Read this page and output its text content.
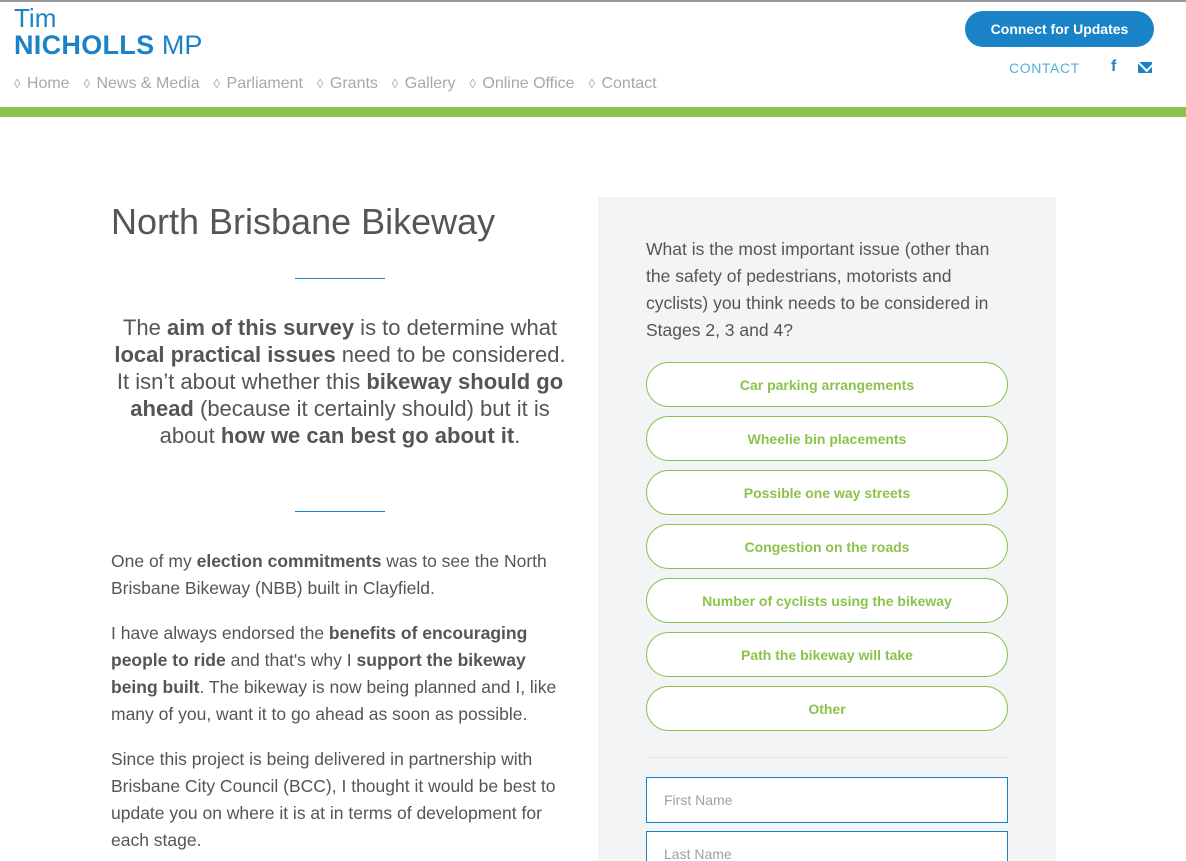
Tim
NICHOLLS MP
◊ Home ◊ News & Media ◊ Parliament ◊ Grants ◊ Gallery ◊ Online Office ◊ Contact
Connect for Updates
CONTACT f
North Brisbane Bikeway

The aim of this survey is to determine what local practical issues need to be considered. It isn’t about whether this bikeway should go ahead (because it certainly should) but it is about how we can best go about it.

One of my election commitments was to see the North Brisbane Bikeway (NBB) built in Clayfield.

I have always endorsed the benefits of encouraging people to ride and that's why I support the bikeway being built. The bikeway is now being planned and I, like many of you, want it to go ahead as soon as possible.

Since this project is being delivered in partnership with Brisbane City Council (BCC), I thought it would be best to update you on where it is at in terms of development for each stage.

What is the most important issue (other than the safety of pedestrians, motorists and cyclists) you think needs to be considered in Stages 2, 3 and 4?

Car parking arrangements
Wheelie bin placements
Possible one way streets
Congestion on the roads
Number of cyclists using the bikeway
Path the bikeway will take
Other
First Name
Last Name
